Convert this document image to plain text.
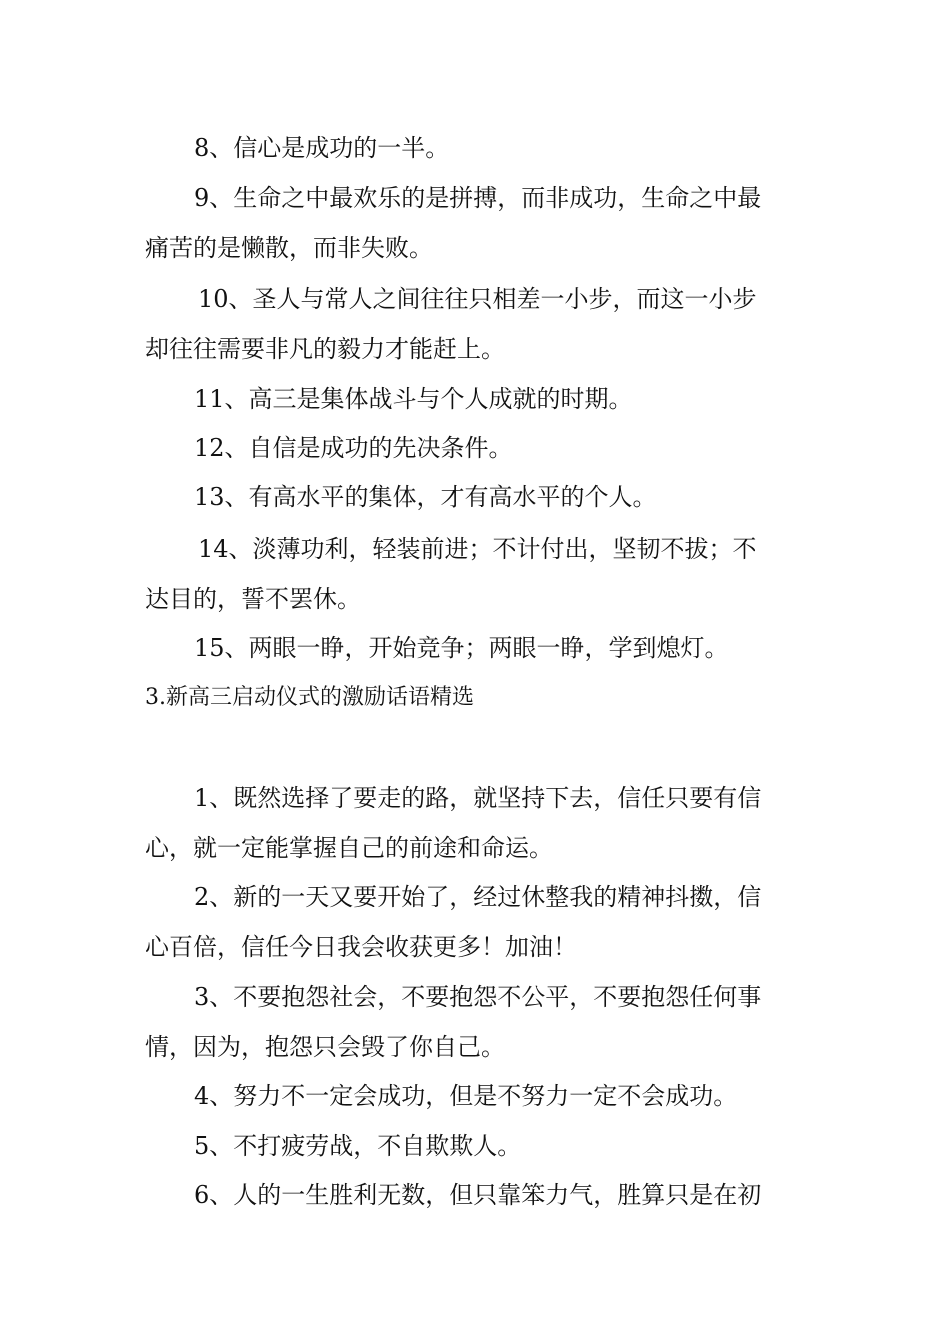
8、信心是成功的一半。
9、生命之中最欢乐的是拼搏，而非成功，生命之中最
痛苦的是懒散，而非失败。
10、圣人与常人之间往往只相差一小步，而这一小步
却往往需要非凡的毅力才能赶上。
11、高三是集体战斗与个人成就的时期。
12、自信是成功的先决条件。
13、有高水平的集体，才有高水平的个人。
14、淡薄功利，轻装前进；不计付出，坚韧不拔；不
达目的，誓不罢休。
15、两眼一睁，开始竞争；两眼一睁，学到熄灯。
3.新高三启动仪式的激励话语精选
1、既然选择了要走的路，就坚持下去，信任只要有信
心，就一定能掌握自己的前途和命运。
2、新的一天又要开始了，经过休整我的精神抖擞，信
心百倍，信任今日我会收获更多！加油！
3、不要抱怨社会，不要抱怨不公平，不要抱怨任何事
情，因为，抱怨只会毁了你自己。
4、努力不一定会成功，但是不努力一定不会成功。
5、不打疲劳战，不自欺欺人。
6、人的一生胜利无数，但只靠笨力气，胜算只是在初
